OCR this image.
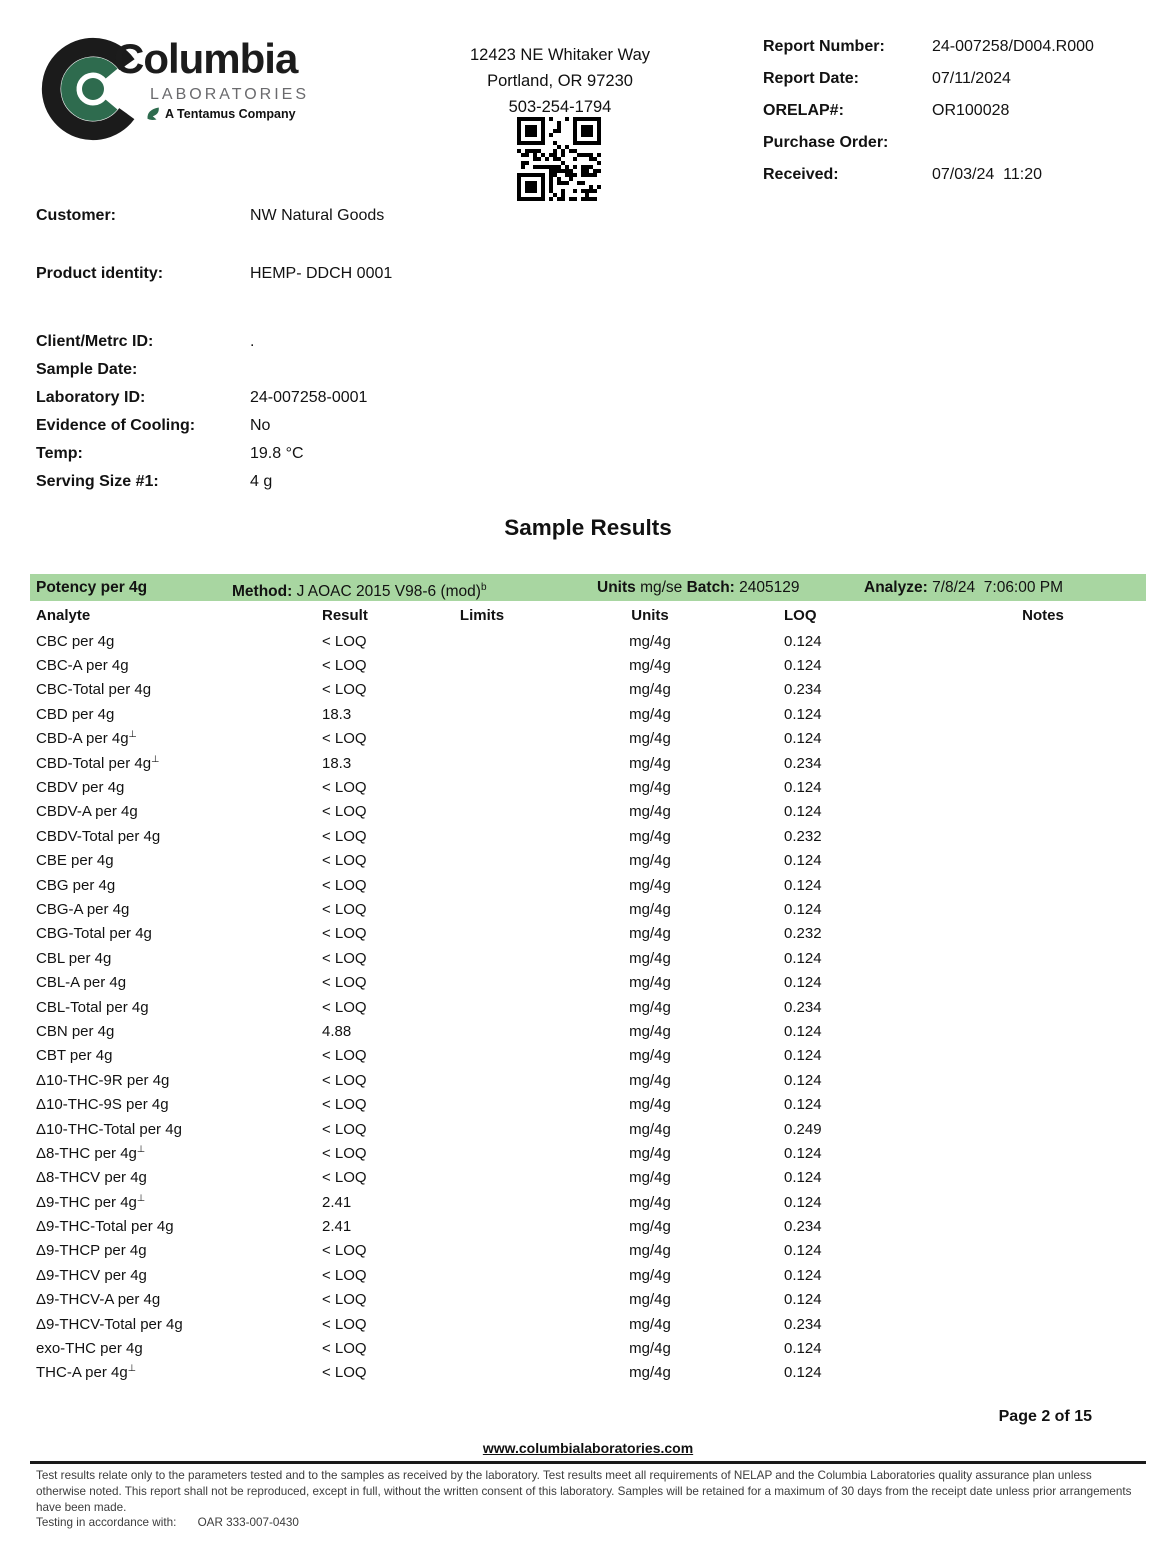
Columbia
LABORATORIES
A Tentamus Company
12423 NE Whitaker Way
Portland, OR 97230
503-254-1794
Report Number:	24-007258/D004.R000
Report Date:	07/11/2024
ORELAP#:	OR100028
Purchase Order:
Received:	07/03/24  11:20
Customer:	NW Natural Goods
Product identity:	HEMP- DDCH 0001
Client/Metrc ID:	.
Sample Date:
Laboratory ID:	24-007258-0001
Evidence of Cooling:	No
Temp:	19.8 °C
Serving Size #1:	4 g
Sample Results
Potency per 4g	Method: J AOAC 2015 V98-6 (mod)$^b$	Units mg/se Batch: 2405129	Analyze: 7/8/24  7:06:00 PM
Analyte	Result	Limits	Units	LOQ	Notes
CBC per 4g	< LOQ		mg/4g	0.124	
CBC-A per 4g	< LOQ		mg/4g	0.124	
CBC-Total per 4g	< LOQ		mg/4g	0.234	
CBD per 4g	18.3		mg/4g	0.124	
CBD-A per 4g⊥	< LOQ		mg/4g	0.124	
CBD-Total per 4g⊥	18.3		mg/4g	0.234	
CBDV per 4g	< LOQ		mg/4g	0.124	
CBDV-A per 4g	< LOQ		mg/4g	0.124	
CBDV-Total per 4g	< LOQ		mg/4g	0.232	
CBE per 4g	< LOQ		mg/4g	0.124	
CBG per 4g	< LOQ		mg/4g	0.124	
CBG-A per 4g	< LOQ		mg/4g	0.124	
CBG-Total per 4g	< LOQ		mg/4g	0.232	
CBL per 4g	< LOQ		mg/4g	0.124	
CBL-A per 4g	< LOQ		mg/4g	0.124	
CBL-Total per 4g	< LOQ		mg/4g	0.234	
CBN per 4g	4.88		mg/4g	0.124	
CBT per 4g	< LOQ		mg/4g	0.124	
Δ10-THC-9R per 4g	< LOQ		mg/4g	0.124	
Δ10-THC-9S per 4g	< LOQ		mg/4g	0.124	
Δ10-THC-Total per 4g	< LOQ		mg/4g	0.249	
Δ8-THC per 4g⊥	< LOQ		mg/4g	0.124	
Δ8-THCV per 4g	< LOQ		mg/4g	0.124	
Δ9-THC per 4g⊥	2.41		mg/4g	0.124	
Δ9-THC-Total per 4g	2.41		mg/4g	0.234	
Δ9-THCP per 4g	< LOQ		mg/4g	0.124	
Δ9-THCV per 4g	< LOQ		mg/4g	0.124	
Δ9-THCV-A per 4g	< LOQ		mg/4g	0.124	
Δ9-THCV-Total per 4g	< LOQ		mg/4g	0.234	
exo-THC per 4g	< LOQ		mg/4g	0.124	
THC-A per 4g⊥	< LOQ		mg/4g	0.124	
Page 2 of 15
www.columbialaboratories.com
Test results relate only to the parameters tested and to the samples as received by the laboratory. Test results meet all requirements of NELAP and the Columbia Laboratories quality assurance plan unless otherwise noted. This report shall not be reproduced, except in full, without the written consent of this laboratory. Samples will be retained for a maximum of 30 days from the receipt date unless prior arrangements have been made.
Testing in accordance with: OAR 333-007-0430
